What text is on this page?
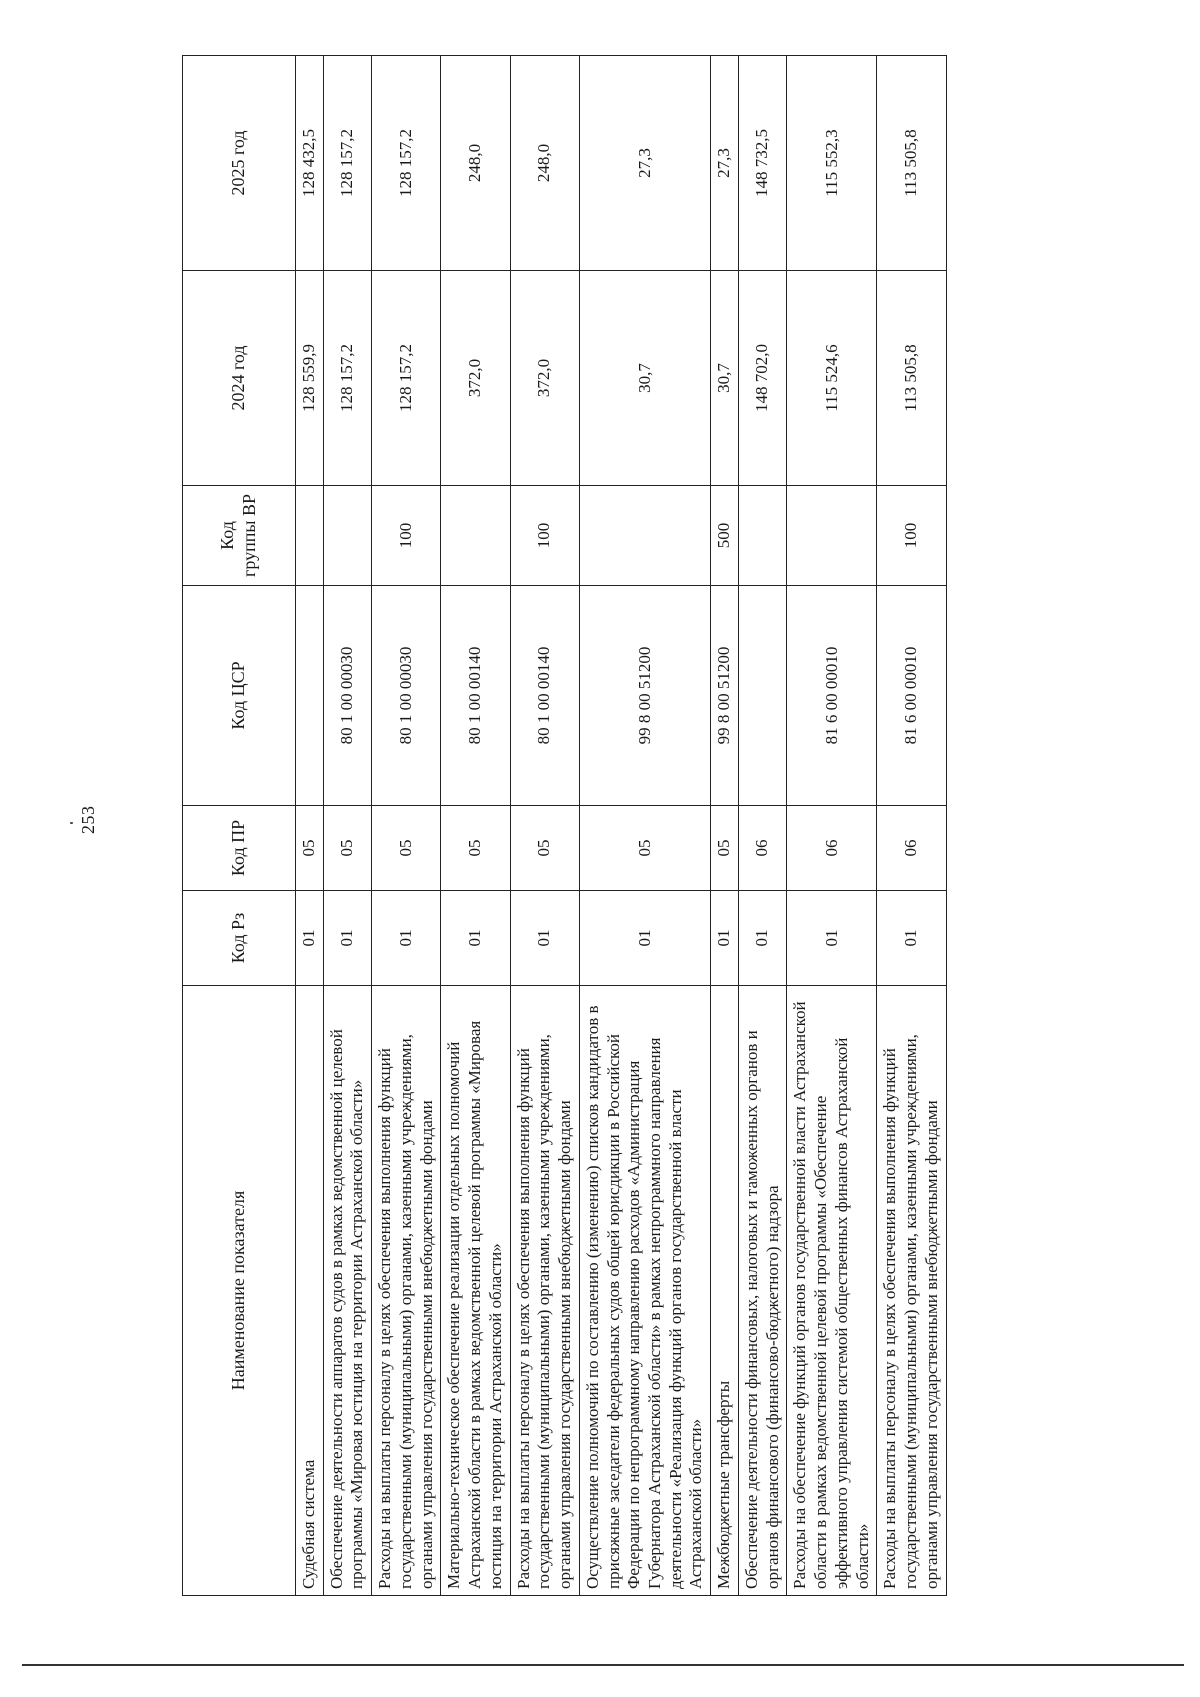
253
Наименование показателя	Код Рз	Код ПР	Код ЦСР	Код группы ВР	2024 год	2025 год
Судебная система	01	05			128 559,9	128 432,5
Обеспечение деятельности аппаратов судов в рамках ведомственной целевой программы «Мировая юстиция на территории Астраханской области»	01	05	80 1 00 00030		128 157,2	128 157,2
Расходы на выплаты персоналу в целях обеспечения выполнения функций государственными (муниципальными) органами, казенными учреждениями, органами управления государственными внебюджетными фондами	01	05	80 1 00 00030	100	128 157,2	128 157,2
Материально-техническое обеспечение реализации отдельных полномочий Астраханской области в рамках ведомственной целевой программы «Мировая юстиция на территории Астраханской области»	01	05	80 1 00 00140		372,0	248,0
Расходы на выплаты персоналу в целях обеспечения выполнения функций государственными (муниципальными) органами, казенными учреждениями, органами управления государственными внебюджетными фондами	01	05	80 1 00 00140	100	372,0	248,0
Осуществление полномочий по составлению (изменению) списков кандидатов в присяжные заседатели федеральных судов общей юрисдикции в Российской Федерации по непрограммному направлению расходов «Администрация Губернатора Астраханской области» в рамках непрограммного направления деятельности «Реализация функций органов государственной власти Астраханской области»	01	05	99 8 00 51200		30,7	27,3
Межбюджетные трансферты	01	05	99 8 00 51200	500	30,7	27,3
Обеспечение деятельности финансовых, налоговых и таможенных органов и органов финансового (финансово-бюджетного) надзора	01	06			148 702,0	148 732,5
Расходы на обеспечение функций органов государственной власти Астраханской области в рамках ведомственной целевой программы «Обеспечение эффективного управления системой общественных финансов Астраханской области»	01	06	81 6 00 00010		115 524,6	115 552,3
Расходы на выплаты персоналу в целях обеспечения выполнения функций государственными (муниципальными) органами, казенными учреждениями, органами управления государственными внебюджетными фондами	01	06	81 6 00 00010	100	113 505,8	113 505,8
